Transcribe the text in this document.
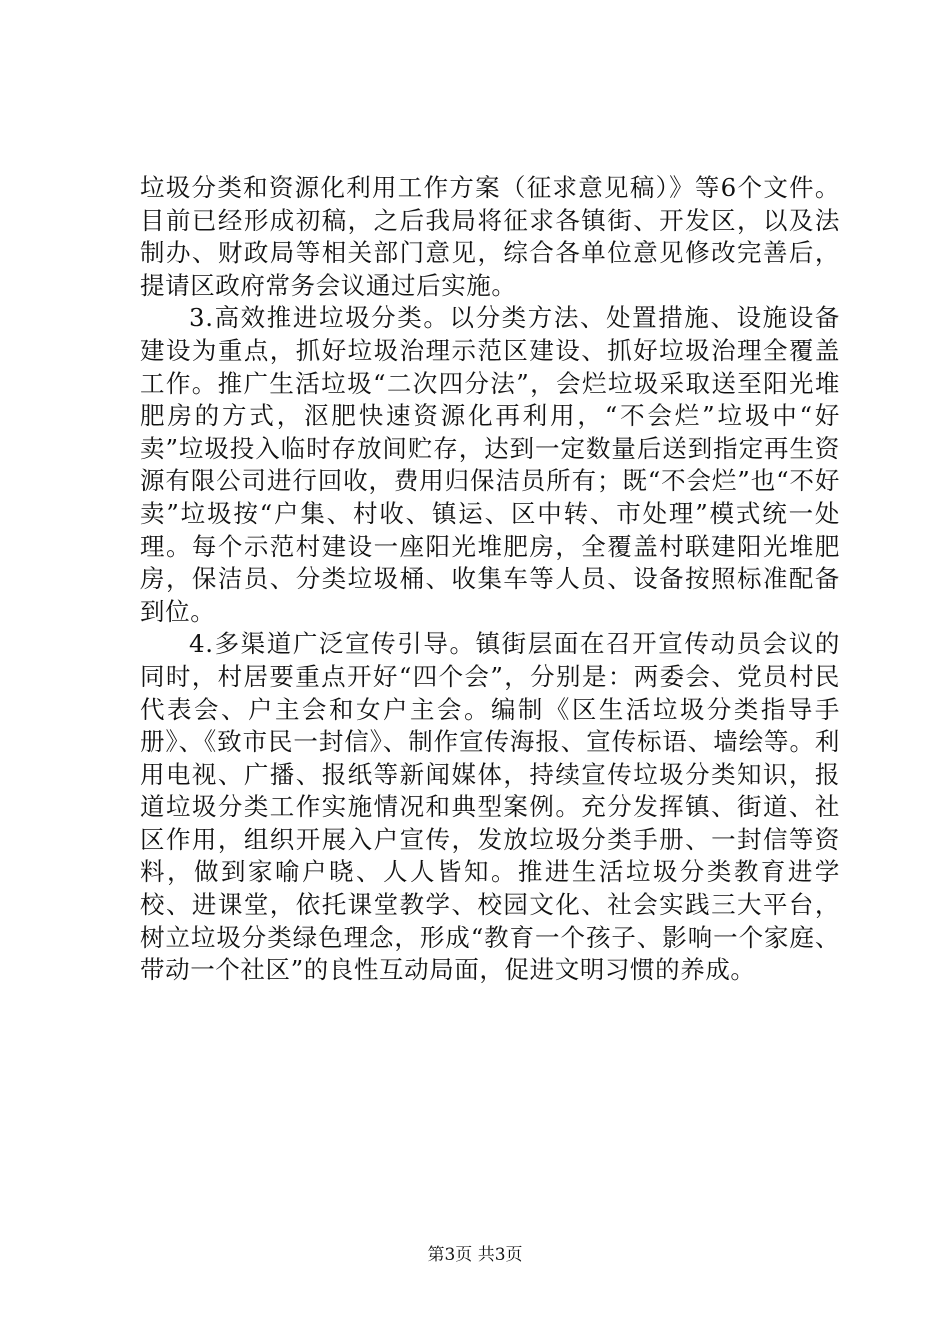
垃圾分类和资源化利用工作方案（征求意见稿）》等6个文件。目前已经形成初稿，之后我局将征求各镇街、开发区，以及法制办、财政局等相关部门意见，综合各单位意见修改完善后，提请区政府常务会议通过后实施。

3.高效推进垃圾分类。以分类方法、处置措施、设施设备建设为重点，抓好垃圾治理示范区建设、抓好垃圾治理全覆盖工作。推广生活垃圾“二次四分法”，会烂垃圾采取送至阳光堆肥房的方式，沤肥快速资源化再利用，“不会烂”垃圾中“好卖”垃圾投入临时存放间贮存，达到一定数量后送到指定再生资源有限公司进行回收，费用归保洁员所有；既“不会烂”也“不好卖”垃圾按“户集、村收、镇运、区中转、市处理”模式统一处理。每个示范村建设一座阳光堆肥房，全覆盖村联建阳光堆肥房，保洁员、分类垃圾桶、收集车等人员、设备按照标准配备到位。

4.多渠道广泛宣传引导。镇街层面在召开宣传动员会议的同时，村居要重点开好“四个会”，分别是：两委会、党员村民代表会、户主会和女户主会。编制《区生活垃圾分类指导手册》、《致市民一封信》、制作宣传海报、宣传标语、墙绘等。利用电视、广播、报纸等新闻媒体，持续宣传垃圾分类知识，报道垃圾分类工作实施情况和典型案例。充分发挥镇、街道、社区作用，组织开展入户宣传，发放垃圾分类手册、一封信等资料，做到家喻户晓、人人皆知。推进生活垃圾分类教育进学校、进课堂，依托课堂教学、校园文化、社会实践三大平台，树立垃圾分类绿色理念，形成“教育一个孩子、影响一个家庭、带动一个社区”的良性互动局面，促进文明习惯的养成。

第3页 共3页
